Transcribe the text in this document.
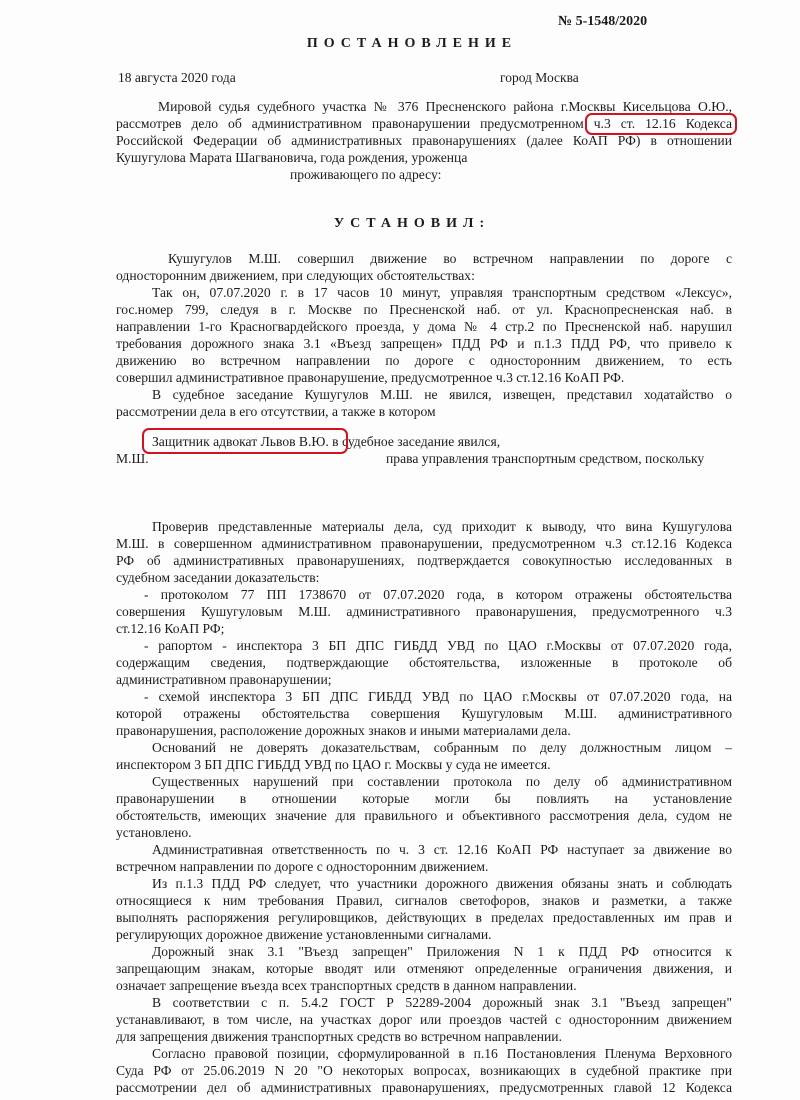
№ 5-1548/2020
ПОСТАНОВЛЕНИЕ
18 августа 2020 года	город Москва
Мировой судья судебного участка № 376 Пресненского района г.Москвы Кисельцова О.Ю.,
рассмотрев дело об административном правонарушении предусмотренном ч.3 ст. 12.16 Кодекса
Российской Федерации об административных правонарушениях (далее КоАП РФ) в отношении
Кушугулова Марата Шагвановича, года рождения, уроженца
проживающего по адресу:
УСТАНОВИЛ:
Кушугулов М.Ш. совершил движение во встречном направлении по дороге с
односторонним движением, при следующих обстоятельствах:
Так он, 07.07.2020 г. в 17 часов 10 минут, управляя транспортным средством «Лексус»,
гос.номер 799, следуя в г. Москве по Пресненской наб. от ул. Краснопресненская наб. в
направлении 1-го Красногвардейского проезда, у дома № 4 стр.2 по Пресненской наб. нарушил
требования дорожного знака 3.1 «Въезд запрещен» ПДД РФ и п.1.3 ПДД РФ, что привело к
движению во встречном направлении по дороге с односторонним движением, то есть
совершил административное правонарушение, предусмотренное ч.3 ст.12.16 КоАП РФ.
В судебное заседание Кушугулов М.Ш. не явился, извещен, представил ходатайство о
рассмотрении дела в его отсутствии, а также в котором
Защитник адвокат Львов В.Ю. в судебное заседание явился,
М.Ш.	права управления транспортным средством, поскольку
Проверив представленные материалы дела, суд приходит к выводу, что вина Кушугулова
М.Ш. в совершенном административном правонарушении, предусмотренном ч.3 ст.12.16 Кодекса
РФ об административных правонарушениях, подтверждается совокупностью исследованных в
судебном заседании доказательств:
- протоколом 77 ПП 1738670 от 07.07.2020 года, в котором отражены обстоятельства
совершения Кушугуловым М.Ш. административного правонарушения, предусмотренного ч.3
ст.12.16 КоАП РФ;
- рапортом - инспектора 3 БП ДПС ГИБДД УВД по ЦАО г.Москвы от 07.07.2020 года,
содержащим сведения, подтверждающие обстоятельства, изложенные в протоколе об
административном правонарушении;
- схемой инспектора 3 БП ДПС ГИБДД УВД по ЦАО г.Москвы от 07.07.2020 года, на
которой отражены обстоятельства совершения Кушугуловым М.Ш. административного
правонарушения, расположение дорожных знаков и иными материалами дела.
Оснований не доверять доказательствам, собранным по делу должностным лицом –
инспектором 3 БП ДПС ГИБДД УВД по ЦАО г. Москвы у суда не имеется.
Существенных нарушений при составлении протокола по делу об административном
правонарушении в отношении которые могли бы повлиять на установление
обстоятельств, имеющих значение для правильного и объективного рассмотрения дела, судом не
установлено.
Административная ответственность по ч. 3 ст. 12.16 КоАП РФ наступает за движение во
встречном направлении по дороге с односторонним движением.
Из п.1.3 ПДД РФ следует, что участники дорожного движения обязаны знать и соблюдать
относящиеся к ним требования Правил, сигналов светофоров, знаков и разметки, а также
выполнять распоряжения регулировщиков, действующих в пределах предоставленных им прав и
регулирующих дорожное движение установленными сигналами.
Дорожный знак 3.1 "Въезд запрещен" Приложения N 1 к ПДД РФ относится к
запрещающим знакам, которые вводят или отменяют определенные ограничения движения, и
означает запрещение въезда всех транспортных средств в данном направлении.
В соответствии с п. 5.4.2 ГОСТ Р 52289-2004 дорожный знак 3.1 "Въезд запрещен"
устанавливают, в том числе, на участках дорог или проездов частей с односторонним движением
для запрещения движения транспортных средств во встречном направлении.
Согласно правовой позиции, сформулированной в п.16 Постановления Пленума Верховного
Суда РФ от 25.06.2019 N 20 "О некоторых вопросах, возникающих в судебной практике при
рассмотрении дел об административных правонарушениях, предусмотренных главой 12 Кодекса
